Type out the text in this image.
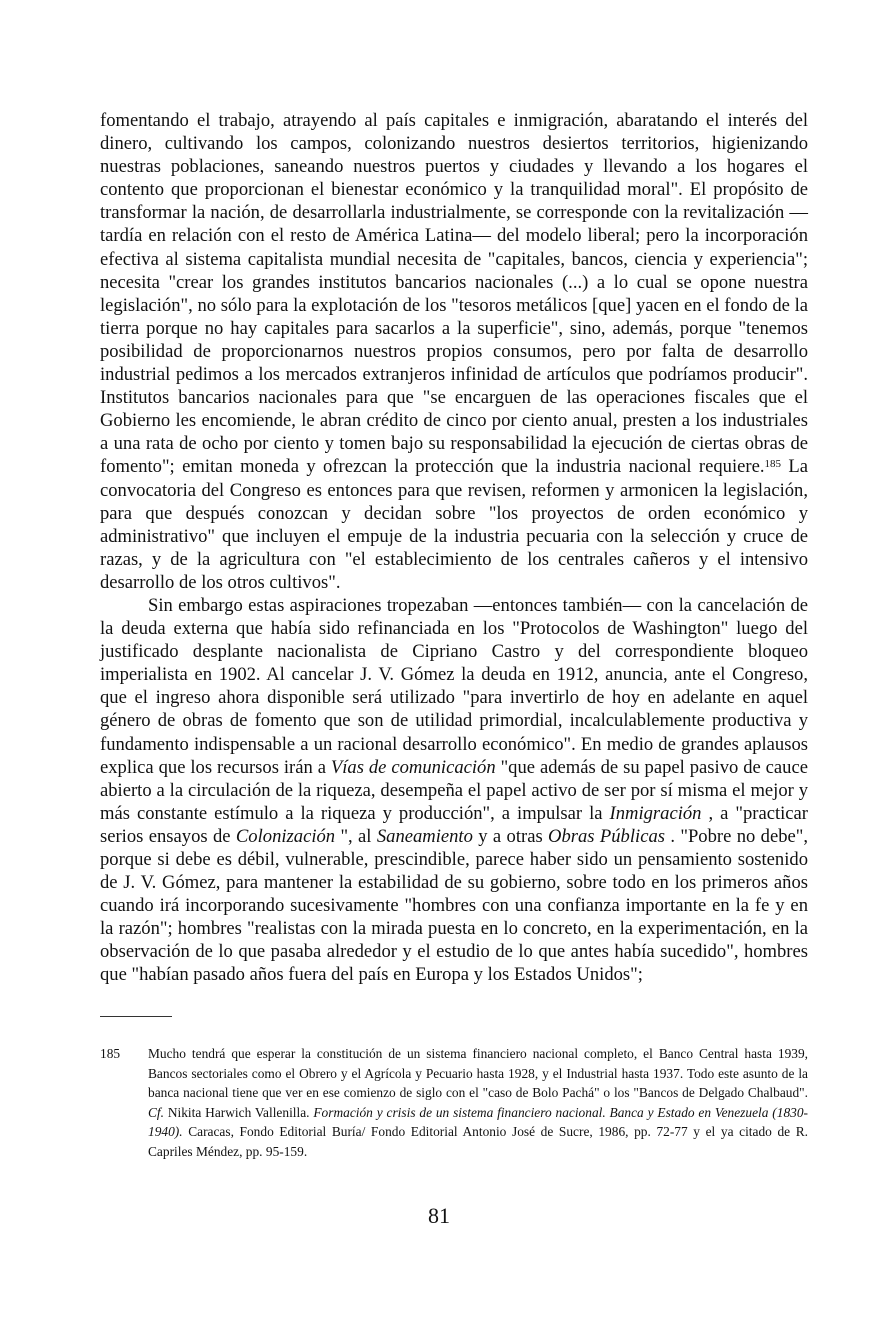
fomentando el trabajo, atrayendo al país capitales e inmigración, abaratando el interés del dinero, cultivando los campos, colonizando nuestros desiertos territorios, higienizando nuestras poblaciones, saneando nuestros puertos y ciudades y llevando a los hogares el contento que proporcionan el bienestar económico y la tranquilidad moral". El propósito de transformar la nación, de desarrollarla industrialmente, se corresponde con la revitalización —tardía en relación con el resto de América Latina— del modelo liberal; pero la incorporación efectiva al sistema capitalista mundial necesita de "capitales, bancos, ciencia y experiencia"; necesita "crear los grandes institutos bancarios nacionales (...) a lo cual se opone nuestra legislación", no sólo para la explotación de los "tesoros metálicos [que] yacen en el fondo de la tierra porque no hay capitales para sacarlos a la superficie", sino, además, porque "tenemos posibilidad de proporcionarnos nuestros propios consumos, pero por falta de desarrollo industrial pedimos a los mercados extranjeros infinidad de artículos que podríamos producir". Institutos bancarios nacionales para que "se encarguen de las operaciones fiscales que el Gobierno les encomiende, le abran crédito de cinco por ciento anual, presten a los industriales a una rata de ocho por ciento y tomen bajo su responsabilidad la ejecución de ciertas obras de fomento"; emitan moneda y ofrezcan la protección que la industria nacional requiere.$^{185}$ La convocatoria del Congreso es entonces para que revisen, reformen y armonicen la legislación, para que después conozcan y decidan sobre "los proyectos de orden económico y administrativo" que incluyen el empuje de la industria pecuaria con la selección y cruce de razas, y de la agricultura con "el establecimiento de los centrales cañeros y el intensivo desarrollo de los otros cultivos".

Sin embargo estas aspiraciones tropezaban —entonces también— con la cancelación de la deuda externa que había sido refinanciada en los "Protocolos de Washington" luego del justificado desplante nacionalista de Cipriano Castro y del correspondiente bloqueo imperialista en 1902. Al cancelar J. V. Gómez la deuda en 1912, anuncia, ante el Congreso, que el ingreso ahora disponible será utilizado "para invertirlo de hoy en adelante en aquel género de obras de fomento que son de utilidad primordial, incalculablemente productiva y fundamento indispensable a un racional desarrollo económico". En medio de grandes aplausos explica que los recursos irán a Vías de comunicación "que además de su papel pasivo de cauce abierto a la circulación de la riqueza, desempeña el papel activo de ser por sí misma el mejor y más constante estímulo a la riqueza y producción", a impulsar la Inmigración , a "practicar serios ensayos de Colonización ", al Saneamiento y a otras Obras Públicas . "Pobre no debe", porque si debe es débil, vulnerable, prescindible, parece haber sido un pensamiento sostenido de J. V. Gómez, para mantener la estabilidad de su gobierno, sobre todo en los primeros años cuando irá incorporando sucesivamente "hombres con una confianza importante en la fe y en la razón"; hombres "realistas con la mirada puesta en lo concreto, en la experimentación, en la observación de lo que pasaba alrededor y el estudio de lo que antes había sucedido", hombres que "habían pasado años fuera del país en Europa y los Estados Unidos";

185	Mucho tendrá que esperar la constitución de un sistema financiero nacional completo, el Banco Central hasta 1939, Bancos sectoriales como el Obrero y el Agrícola y Pecuario hasta 1928, y el Industrial hasta 1937. Todo este asunto de la banca nacional tiene que ver en ese comienzo de siglo con el "caso de Bolo Pachá" o los "Bancos de Delgado Chalbaud". Cf. Nikita Harwich Vallenilla. Formación y crisis de un sistema financiero nacional. Banca y Estado en Venezuela (1830-1940). Caracas, Fondo Editorial Buría/ Fondo Editorial Antonio José de Sucre, 1986, pp. 72-77 y el ya citado de R. Capriles Méndez, pp. 95-159.
81
